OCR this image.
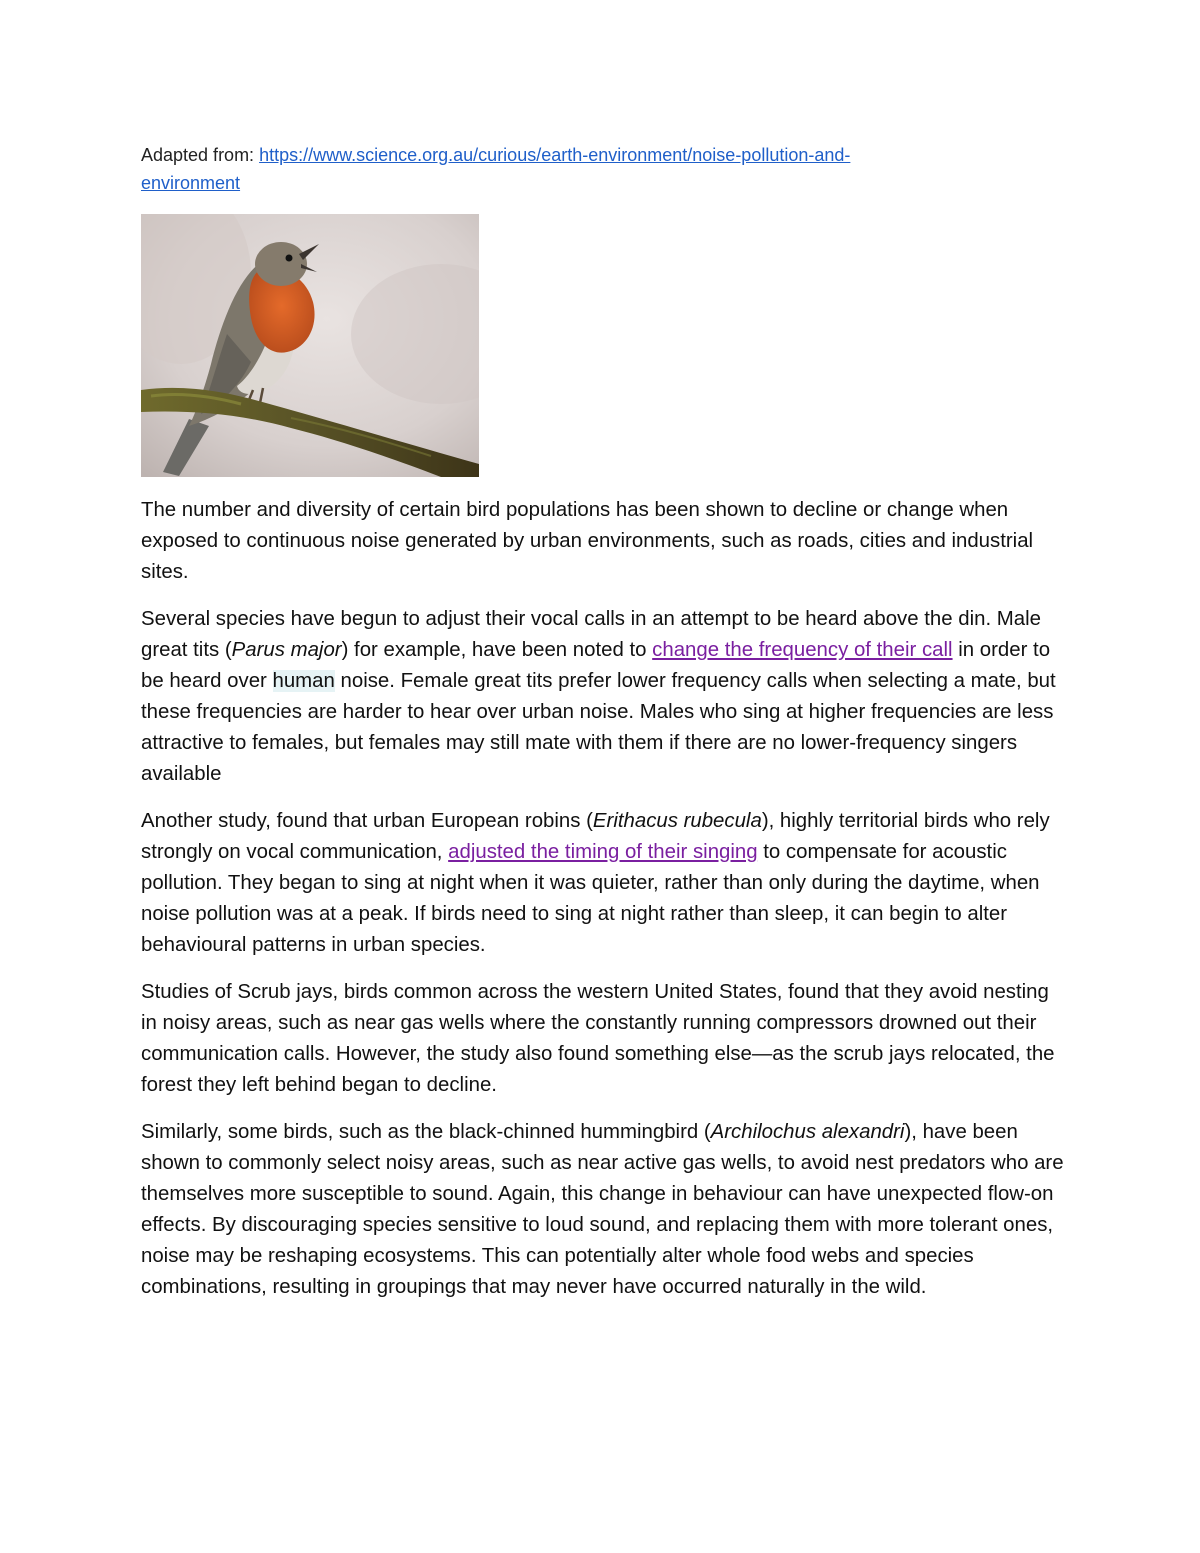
Adapted from: https://www.science.org.au/curious/earth-environment/noise-pollution-and-
environment

The number and diversity of certain bird populations has been shown to decline or change when exposed to continuous noise generated by urban environments, such as roads, cities and industrial sites.

Several species have begun to adjust their vocal calls in an attempt to be heard above the din. Male great tits (Parus major) for example, have been noted to change the frequency of their call in order to be heard over human noise. Female great tits prefer lower frequency calls when selecting a mate, but these frequencies are harder to hear over urban noise. Males who sing at higher frequencies are less attractive to females, but females may still mate with them if there are no lower-frequency singers available

Another study, found that urban European robins (Erithacus rubecula), highly territorial birds who rely strongly on vocal communication, adjusted the timing of their singing to compensate for acoustic pollution. They began to sing at night when it was quieter, rather than only during the daytime, when noise pollution was at a peak. If birds need to sing at night rather than sleep, it can begin to alter behavioural patterns in urban species.

Studies of Scrub jays, birds common across the western United States, found that they avoid nesting in noisy areas, such as near gas wells where the constantly running compressors drowned out their communication calls. However, the study also found something else—as the scrub jays relocated, the forest they left behind began to decline.

Similarly, some birds, such as the black-chinned hummingbird (Archilochus alexandri), have been shown to commonly select noisy areas, such as near active gas wells, to avoid nest predators who are themselves more susceptible to sound. Again, this change in behaviour can have unexpected flow-on effects. By discouraging species sensitive to loud sound, and replacing them with more tolerant ones, noise may be reshaping ecosystems. This can potentially alter whole food webs and species combinations, resulting in groupings that may never have occurred naturally in the wild.
